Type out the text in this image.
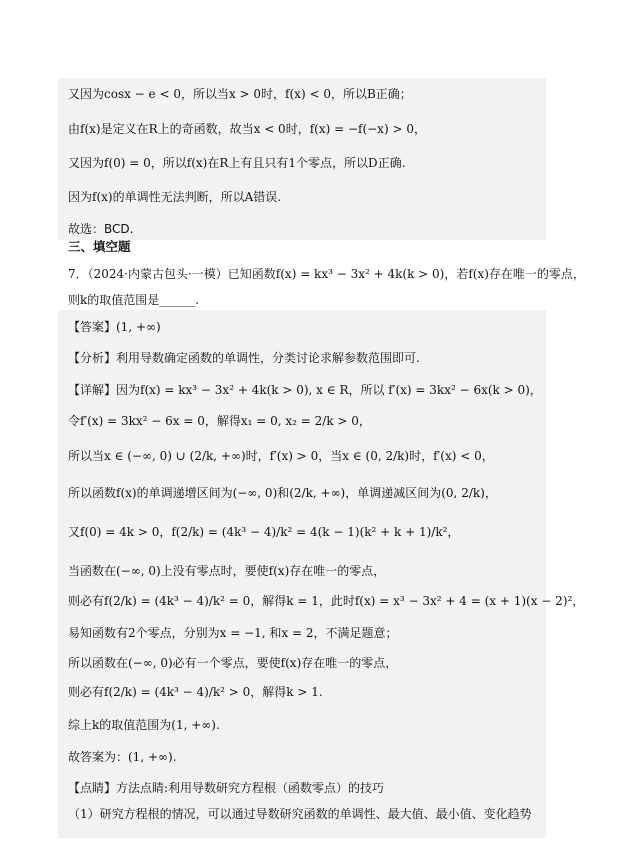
又因为cosx − e < 0，所以当x > 0时，f(x) < 0，所以B正确；
由f(x)是定义在R上的奇函数，故当x < 0时，f(x) = −f(−x) > 0，
又因为f(0) = 0，所以f(x)在R上有且只有1个零点，所以D正确.
因为f(x)的单调性无法判断，所以A错误.
故选：BCD.
三、填空题
7．（2024·内蒙古包头·一模）已知函数f(x) = kx³ − 3x² + 4k(k > 0)，若f(x)存在唯一的零点，
则k的取值范围是______.
【答案】(1, +∞)
【分析】利用导数确定函数的单调性，分类讨论求解参数范围即可.
【详解】因为f(x) = kx³ − 3x² + 4k(k > 0), x ∈ R，所以 f′(x) = 3kx² − 6x(k > 0)，
令f′(x) = 3kx² − 6x = 0，解得x₁ = 0, x₂ = 2/k > 0，
所以当x ∈ (−∞, 0) ∪ (2/k, +∞)时，f′(x) > 0，当x ∈ (0, 2/k)时，f′(x) < 0，
所以函数f(x)的单调递增区间为(−∞, 0)和(2/k, +∞)，单调递减区间为(0, 2/k)，
又f(0) = 4k > 0，f(2/k) = (4k³ − 4)/k² = 4(k − 1)(k² + k + 1)/k²，
当函数在(−∞, 0)上没有零点时，要使f(x)存在唯一的零点，
则必有f(2/k) = (4k³ − 4)/k² = 0，解得k = 1，此时f(x) = x³ − 3x² + 4 = (x + 1)(x − 2)²，
易知函数有2个零点，分别为x = −1, 和x = 2，不满足题意；
所以函数在(−∞, 0)必有一个零点，要使f(x)存在唯一的零点，
则必有f(2/k) = (4k³ − 4)/k² > 0，解得k > 1.
综上k的取值范围为(1, +∞).
故答案为：(1, +∞).
【点睛】方法点睛:利用导数研究方程根（函数零点）的技巧
（1）研究方程根的情况，可以通过导数研究函数的单调性、最大值、最小值、变化趋势
